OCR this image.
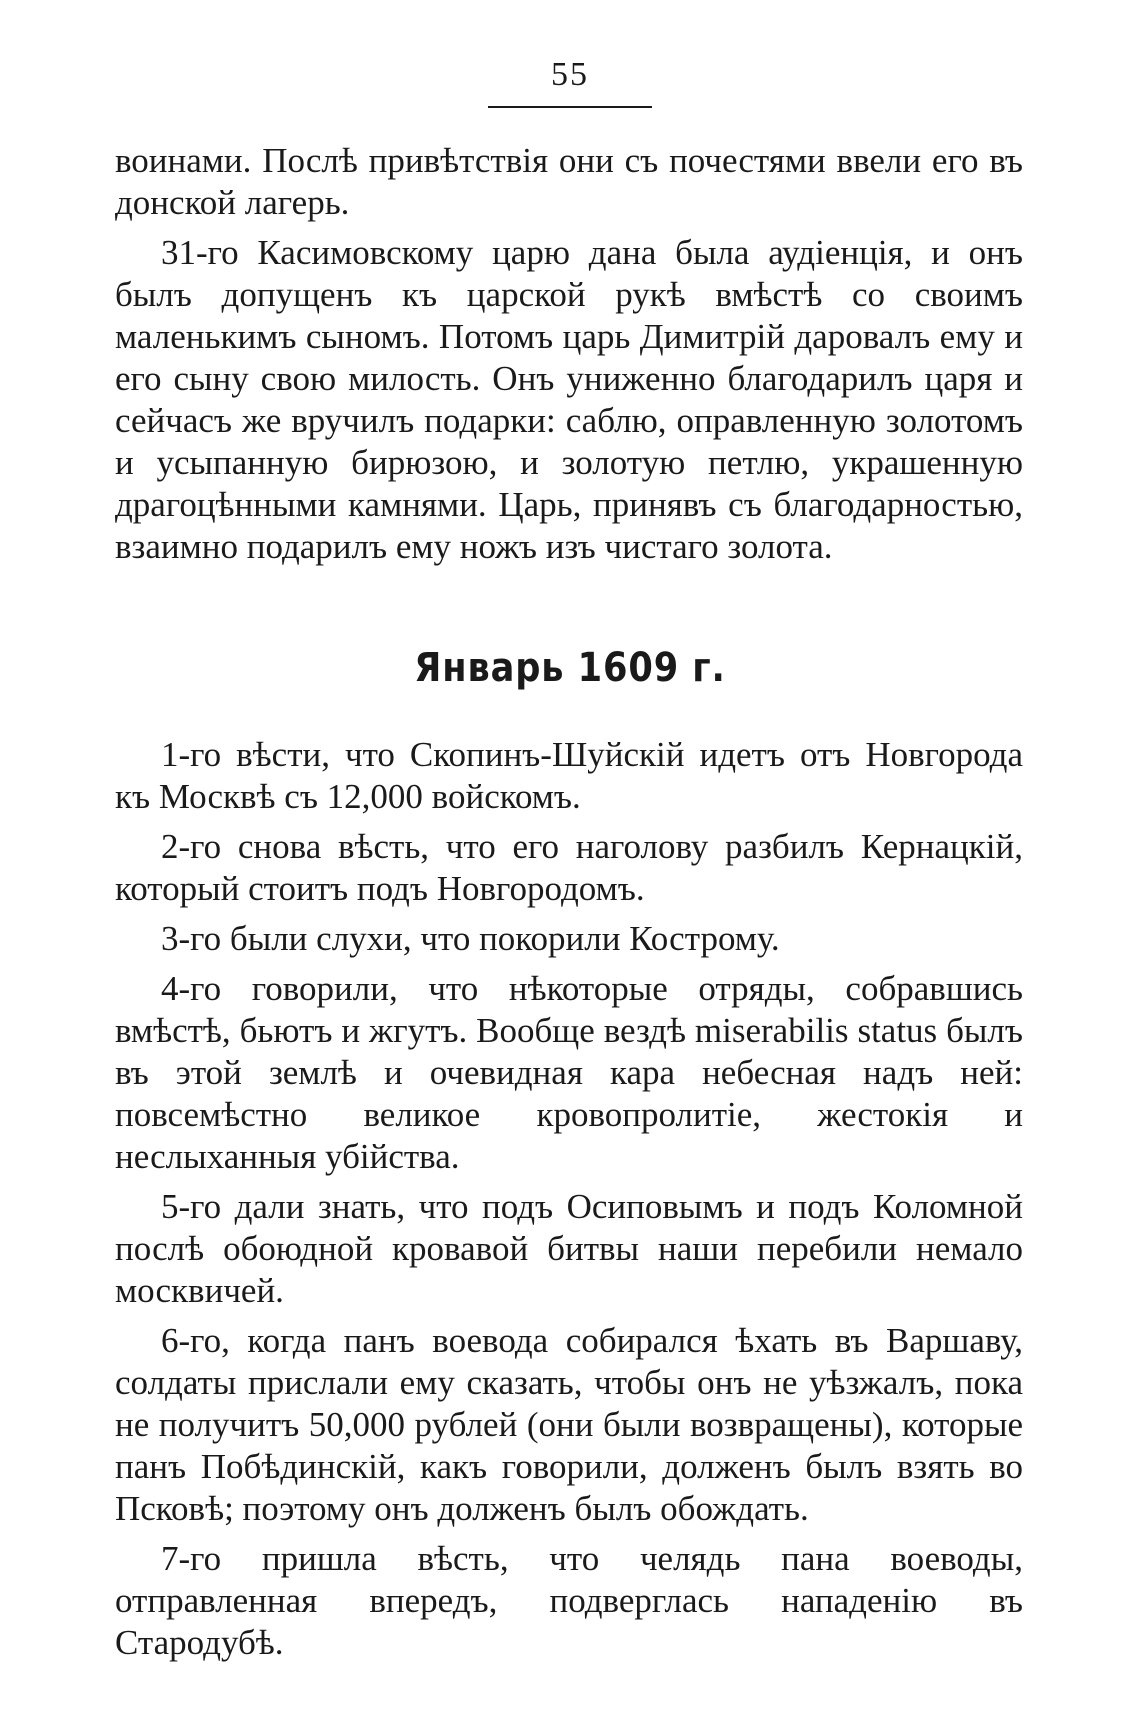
55

воинами. Послѣ привѣтствія они съ почестями ввели его въ донской лагерь.

31-го Касимовскому царю дана была аудіенція, и онъ былъ допущенъ къ царской рукѣ вмѣстѣ со своимъ маленькимъ сыномъ. Потомъ царь Димитрій даровалъ ему и его сыну свою милость. Онъ униженно благодарилъ царя и сейчасъ же вручилъ подарки: саблю, оправленную золотомъ и усыпанную бирюзою, и золотую петлю, украшенную драгоцѣнными камнями. Царь, принявъ съ благодарностью, взаимно подарилъ ему ножъ изъ чистаго золота.

Январь 1609 г.

1-го вѣсти, что Скопинъ-Шуйскій идетъ отъ Новгорода къ Москвѣ съ 12,000 войскомъ.

2-го снова вѣсть, что его наголову разбилъ Кернацкій, который стоитъ подъ Новгородомъ.

3-го были слухи, что покорили Кострому.

4-го говорили, что нѣкоторые отряды, собравшись вмѣстѣ, бьютъ и жгутъ. Вообще вездѣ miserabilis status былъ въ этой землѣ и очевидная кара небесная надъ ней: повсемѣстно великое кровопролитіе, жестокія и неслыханныя убійства.

5-го дали знать, что подъ Осиповымъ и подъ Коломной послѣ обоюдной кровавой битвы наши перебили немало москвичей.

6-го, когда панъ воевода собирался ѣхать въ Варшаву, солдаты прислали ему сказать, чтобы онъ не уѣзжалъ, пока не получитъ 50,000 рублей (они были возвращены), которые панъ Побѣдинскій, какъ говорили, долженъ былъ взять во Псковѣ; поэтому онъ долженъ былъ обождать.

7-го пришла вѣсть, что челядь пана воеводы, отправленная впередъ, подверглась нападенію въ Стародубѣ.
